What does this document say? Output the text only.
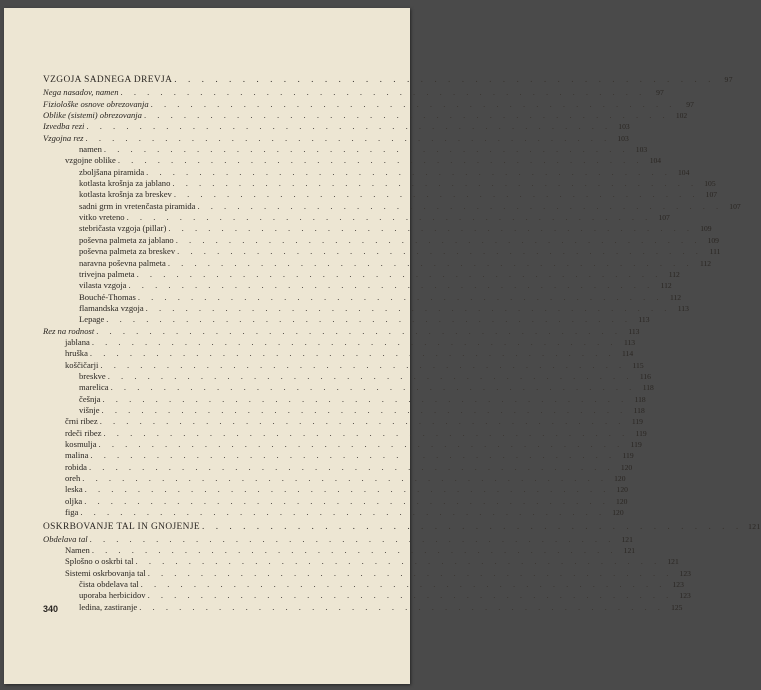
VZGOJA SADNEGA DREVJA . . . . . . . . . . . . . . . . . . . . . . . . . . . . . . . . . . . . . . . .	97
Nega nasadov, namen . . . . . . . . . . . . . . . . . . . . . . . . . . . . . . . . . . . . . . . .	97
Fiziološke osnove obrezovanja . . . . . . . . . . . . . . . . . . . . . . . . . . . . . . . . . . . . . . . .	97
Oblike (sistemi) obrezovanja . . . . . . . . . . . . . . . . . . . . . . . . . . . . . . . . . . . . . . . . 102
Izvedba rezi . . . . . . . . . . . . . . . . . . . . . . . . . . . . . . . . . . . . . . . . 103
Vzgojna rez . . . . . . . . . . . . . . . . . . . . . . . . . . . . . . . . . . . . . . . . 103
namen . . . . . . . . . . . . . . . . . . . . . . . . . . . . . . . . . . . . . . . . 103
vzgojne oblike . . . . . . . . . . . . . . . . . . . . . . . . . . . . . . . . . . . . . . . . 104
zboljšana piramida . . . . . . . . . . . . . . . . . . . . . . . . . . . . . . . . . . . . . . . . 104
kotlasta krošnja za jablano . . . . . . . . . . . . . . . . . . . . . . . . . . . . . . . . . . . . . . . . 105
kotlasta krošnja za breskev . . . . . . . . . . . . . . . . . . . . . . . . . . . . . . . . . . . . . . . . 107
sadni grm in vretenčasta piramida . . . . . . . . . . . . . . . . . . . . . . . . . . . . . . . . . . . . . . . . 107
vitko vreteno . . . . . . . . . . . . . . . . . . . . . . . . . . . . . . . . . . . . . . . . 107
stebričasta vzgoja (pillar) . . . . . . . . . . . . . . . . . . . . . . . . . . . . . . . . . . . . . . . . 109
poševna palmeta za jablano . . . . . . . . . . . . . . . . . . . . . . . . . . . . . . . . . . . . . . . . 109
poševna palmeta za breskev . . . . . . . . . . . . . . . . . . . . . . . . . . . . . . . . . . . . . . . . 111
naravna poševna palmeta . . . . . . . . . . . . . . . . . . . . . . . . . . . . . . . . . . . . . . . . 112
trivejna palmeta . . . . . . . . . . . . . . . . . . . . . . . . . . . . . . . . . . . . . . . . 112
vilasta vzgoja . . . . . . . . . . . . . . . . . . . . . . . . . . . . . . . . . . . . . . . . 112
Bouché-Thomas . . . . . . . . . . . . . . . . . . . . . . . . . . . . . . . . . . . . . . . . 112
flamandska vzgoja . . . . . . . . . . . . . . . . . . . . . . . . . . . . . . . . . . . . . . . . 113
Lepage . . . . . . . . . . . . . . . . . . . . . . . . . . . . . . . . . . . . . . . . 113
Rez na rodnost . . . . . . . . . . . . . . . . . . . . . . . . . . . . . . . . . . . . . . . . 113
jablana . . . . . . . . . . . . . . . . . . . . . . . . . . . . . . . . . . . . . . . . 113
hruška . . . . . . . . . . . . . . . . . . . . . . . . . . . . . . . . . . . . . . . . 114
koščičarji . . . . . . . . . . . . . . . . . . . . . . . . . . . . . . . . . . . . . . . . 115
breskve . . . . . . . . . . . . . . . . . . . . . . . . . . . . . . . . . . . . . . . . 116
marelica . . . . . . . . . . . . . . . . . . . . . . . . . . . . . . . . . . . . . . . . 118
češnja . . . . . . . . . . . . . . . . . . . . . . . . . . . . . . . . . . . . . . . . 118
višnje . . . . . . . . . . . . . . . . . . . . . . . . . . . . . . . . . . . . . . . . 118
črni ribez . . . . . . . . . . . . . . . . . . . . . . . . . . . . . . . . . . . . . . . . 119
rdeči ribez . . . . . . . . . . . . . . . . . . . . . . . . . . . . . . . . . . . . . . . . 119
kosmulja . . . . . . . . . . . . . . . . . . . . . . . . . . . . . . . . . . . . . . . . 119
malina . . . . . . . . . . . . . . . . . . . . . . . . . . . . . . . . . . . . . . . . 119
robida . . . . . . . . . . . . . . . . . . . . . . . . . . . . . . . . . . . . . . . . 120
oreh . . . . . . . . . . . . . . . . . . . . . . . . . . . . . . . . . . . . . . . . 120
leska . . . . . . . . . . . . . . . . . . . . . . . . . . . . . . . . . . . . . . . . 120
oljka . . . . . . . . . . . . . . . . . . . . . . . . . . . . . . . . . . . . . . . . 120
figa . . . . . . . . . . . . . . . . . . . . . . . . . . . . . . . . . . . . . . . . 120
OSKRBOVANJE TAL IN GNOJENJE . . . . . . . . . . . . . . . . . . . . . . . . . . . . . . . . . . . . . . . . 121
Obdelava tal . . . . . . . . . . . . . . . . . . . . . . . . . . . . . . . . . . . . . . . . 121
Namen . . . . . . . . . . . . . . . . . . . . . . . . . . . . . . . . . . . . . . . . 121
Splošno o oskrbi tal . . . . . . . . . . . . . . . . . . . . . . . . . . . . . . . . . . . . . . . . 121
Sistemi oskrbovanja tal . . . . . . . . . . . . . . . . . . . . . . . . . . . . . . . . . . . . . . . . 123
čista obdelava tal . . . . . . . . . . . . . . . . . . . . . . . . . . . . . . . . . . . . . . . . 123
uporaba herbicidov . . . . . . . . . . . . . . . . . . . . . . . . . . . . . . . . . . . . . . . . 123
ledina, zastiranje . . . . . . . . . . . . . . . . . . . . . . . . . . . . . . . . . . . . . . . . 125
340
